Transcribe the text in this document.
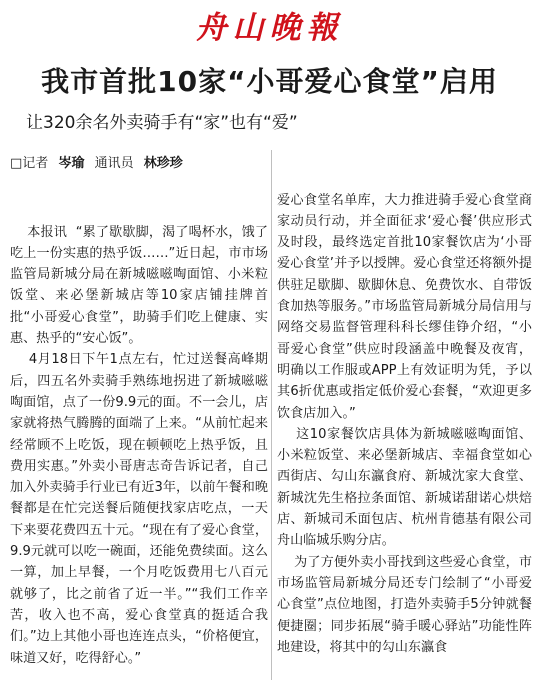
舟山晚報
我市首批10家“小哥爱心食堂”启用
让320余名外卖骑手有“家”也有“爱”
□记者 岑瑜 通讯员 林珍珍

本报讯  “累了歇歇脚，渴了喝杯水，饿了吃上一份实惠的热乎饭……”近日起，市市场监管局新城分局在新城嗞嗞啕面馆、小米粒饭堂、来必堡新城店等10家店铺挂牌首批“小哥爱心食堂”，助骑手们吃上健康、实惠、热乎的“安心饭”。
4月18日下午1点左右，忙过送餐高峰期后，四五名外卖骑手熟练地拐进了新城嗞嗞啕面馆，点了一份9.9元的面。不一会儿，店家就将热气腾腾的面端了上来。“从前忙起来经常顾不上吃饭，现在顿顿吃上热乎饭，且费用实惠。”外卖小哥唐志奇告诉记者，自己加入外卖骑手行业已有近3年，以前午餐和晚餐都是在忙完送餐后随便找家店吃点，一天下来要花费四五十元。“现在有了爱心食堂，9.9元就可以吃一碗面，还能免费续面。这么一算，加上早餐，一个月吃饭费用七八百元就够了，比之前省了近一半。”“我们工作辛苦，收入也不高，爱心食堂真的挺适合我们。”边上其他小哥也连连点头，“价格便宜，味道又好，吃得舒心。”

爱心食堂名单库，大力推进骑手爱心食堂商家动员行动，并全面征求‘爱心餐’供应形式及时段，最终选定首批10家餐饮店为‘小哥爱心食堂’并予以授牌。爱心食堂还将额外提供驻足歇脚、歇脚休息、免费饮水、自带饭食加热等服务。”市场监管局新城分局信用与网络交易监督管理科科长缪佳铮介绍，“小哥爱心食堂”供应时段涵盖中晚餐及夜宵，明确以工作服或APP上有效证明为凭，予以其6折优惠或指定低价爱心套餐，“欢迎更多饮食店加入。”
这10家餐饮店具体为新城嗞嗞啕面馆、小米粒饭堂、来必堡新城店、幸福食堂如心西街店、勾山东瀛食府、新城沈家大食堂、新城沈先生格拉条面馆、新城诺甜诺心烘焙店、新城司禾面包店、杭州肯德基有限公司舟山临城乐购分店。
为了方便外卖小哥找到这些爱心食堂，市市场监管局新城分局还专门绘制了“小哥爱心食堂”点位地图，打造外卖骑手5分钟就餐便捷圈；同步拓展“骑手暖心驿站”功能性阵地建设，将其中的勾山东瀛食
